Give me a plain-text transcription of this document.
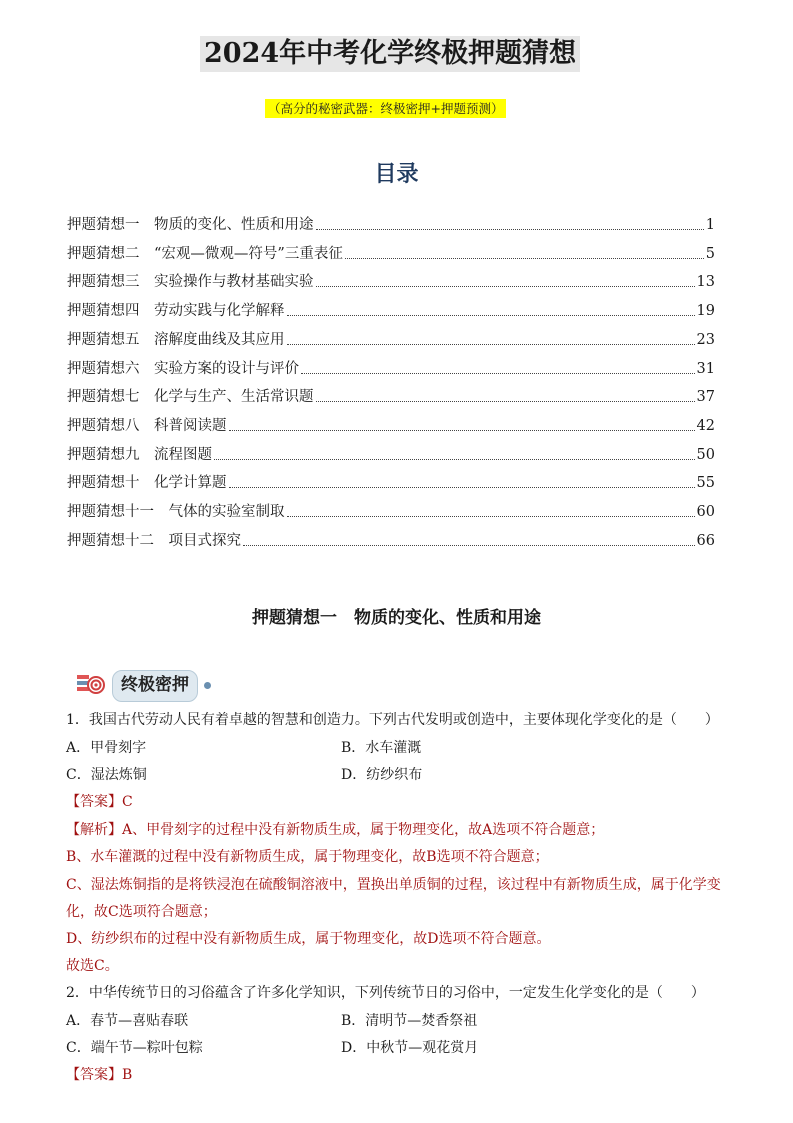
2024年中考化学终极押题猜想
（高分的秘密武器：终极密押+押题预测）
目录
押题猜想一　物质的变化、性质和用途	1
押题猜想二　“宏观—微观—符号”三重表征	5
押题猜想三　实验操作与教材基础实验	13
押题猜想四　劳动实践与化学解释	19
押题猜想五　溶解度曲线及其应用	23
押题猜想六　实验方案的设计与评价	31
押题猜想七　化学与生产、生活常识题	37
押题猜想八　科普阅读题	42
押题猜想九　流程图题	50
押题猜想十　化学计算题	55
押题猜想十一　气体的实验室制取	60
押题猜想十二　项目式探究	66
押题猜想一　物质的变化、性质和用途
终极密押
1．我国古代劳动人民有着卓越的智慧和创造力。下列古代发明或创造中，主要体现化学变化的是（　　）
A．甲骨刻字	B．水车灌溉
C．湿法炼铜	D．纺纱织布
【答案】C
【解析】A、甲骨刻字的过程中没有新物质生成，属于物理变化，故A选项不符合题意；
B、水车灌溉的过程中没有新物质生成，属于物理变化，故B选项不符合题意；
C、湿法炼铜指的是将铁浸泡在硫酸铜溶液中，置换出单质铜的过程，该过程中有新物质生成，属于化学变
化，故C选项符合题意；
D、纺纱织布的过程中没有新物质生成，属于物理变化，故D选项不符合题意。
故选C。
2．中华传统节日的习俗蕴含了许多化学知识，下列传统节日的习俗中，一定发生化学变化的是（　　）
A．春节—喜贴春联	B．清明节—焚香祭祖
C．端午节—粽叶包粽	D．中秋节—观花赏月
【答案】B
